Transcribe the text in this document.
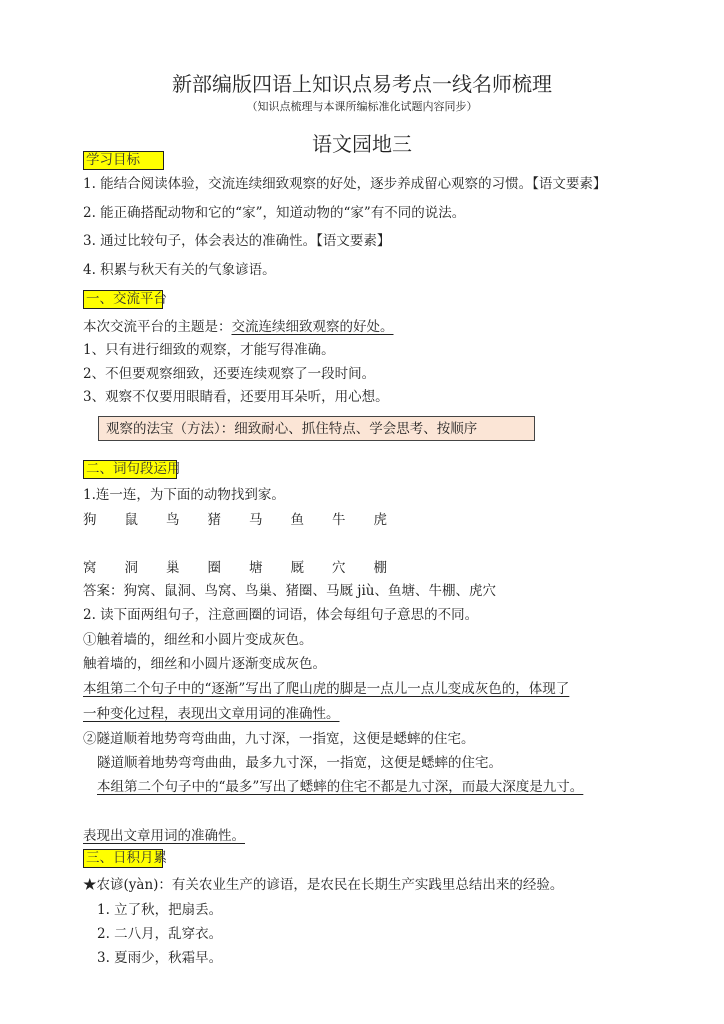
新部编版四语上知识点易考点一线名师梳理
（知识点梳理与本课所编标准化试题内容同步）
语文园地三
学习目标
1. 能结合阅读体验，交流连续细致观察的好处，逐步养成留心观察的习惯。【语文要素】
2. 能正确搭配动物和它的“家”，知道动物的“家”有不同的说法。
3. 通过比较句子，体会表达的准确性。【语文要素】
4. 积累与秋天有关的气象谚语。
一、交流平台
本次交流平台的主题是：交流连续细致观察的好处。
1、只有进行细致的观察，才能写得准确。
2、不但要观察细致，还要连续观察了一段时间。
3、观察不仅要用眼睛看，还要用耳朵听，用心想。
观察的法宝（方法）：细致耐心、抓住特点、学会思考、按顺序
二、词句段运用
1.连一连，为下面的动物找到家。
狗 鼠 鸟 猪 马 鱼 牛 虎
窝 洞 巢 圈 塘 厩 穴 棚
答案：狗窝、鼠洞、鸟窝、鸟巢、猪圈、马厩 jiù、鱼塘、牛棚、虎穴
2. 读下面两组句子，注意画圈的词语，体会每组句子意思的不同。
①触着墙的，细丝和小圆片变成灰色。
触着墙的，细丝和小圆片逐渐变成灰色。
本组第二个句子中的“逐渐”写出了爬山虎的脚是一点儿一点儿变成灰色的，体现了
一种变化过程，表现出文章用词的准确性。
②隧道顺着地势弯弯曲曲，九寸深，一指宽，这便是蟋蟀的住宅。
隧道顺着地势弯弯曲曲，最多九寸深，一指宽，这便是蟋蟀的住宅。
本组第二个句子中的“最多”写出了蟋蟀的住宅不都是九寸深，而最大深度是九寸。
表现出文章用词的准确性。
三、日积月累
★农谚(yàn)：有关农业生产的谚语，是农民在长期生产实践里总结出来的经验。
1. 立了秋，把扇丢。
2. 二八月，乱穿衣。
3. 夏雨少，秋霜早。
